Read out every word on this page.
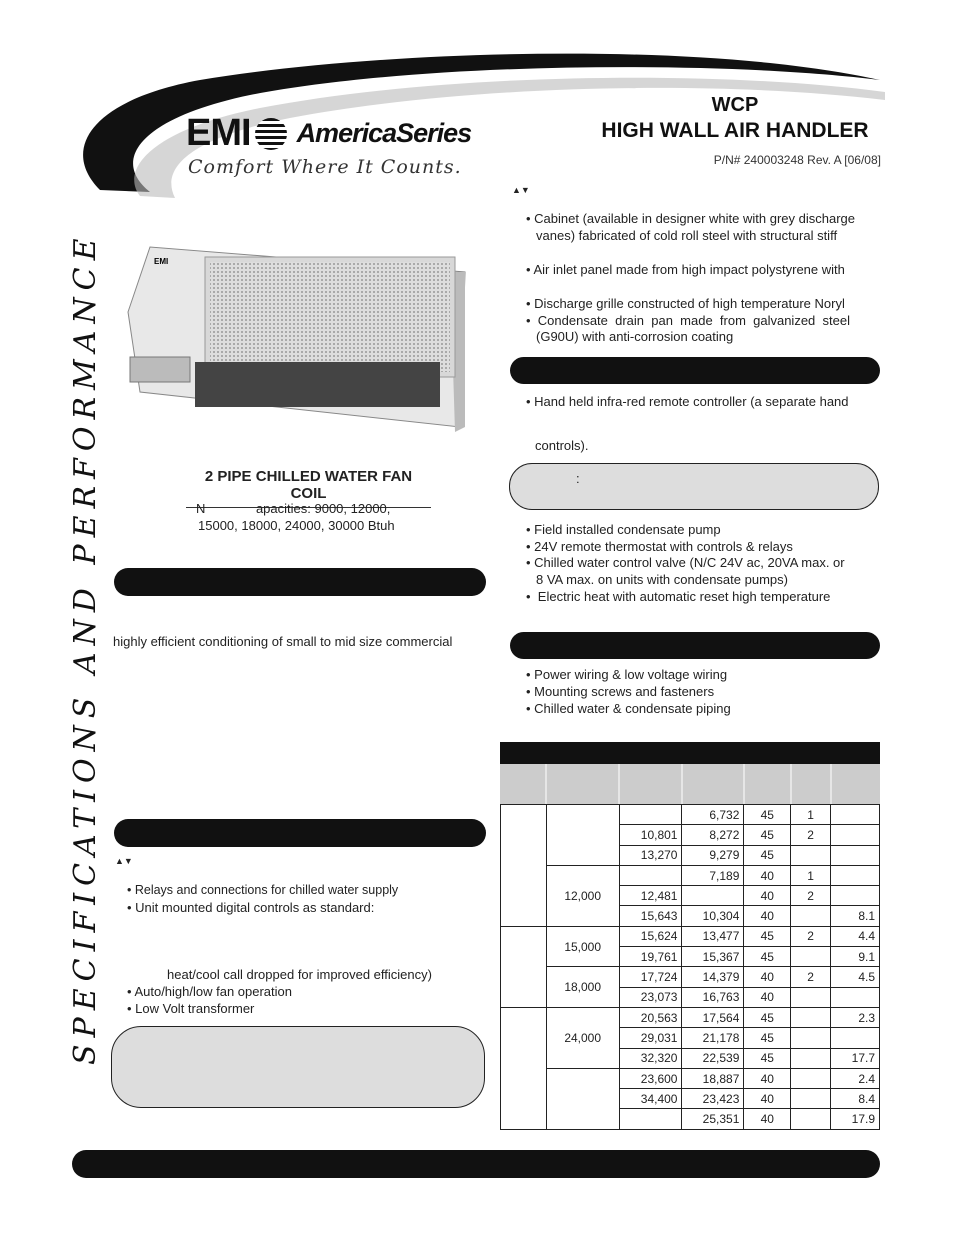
EMI AmericaSeries
Comfort Where It Counts.
WCP
HIGH WALL AIR HANDLER
P/N# 240003248 Rev. A [06/08]
SPECIFICATIONS AND PERFORMANCE	EMI
2 PIPE CHILLED WATER FAN COIL
N              apacities: 9000, 12000,
15000, 18000, 24000, 30000 Btuh
highly efficient conditioning of small to mid size commercial
▲▼
• Relays and connections for chilled water supply
• Unit mounted digital controls as standard:
heat/cool call dropped for improved efficiency)
• Auto/high/low fan operation
• Low Volt transformer
▲▼
• Cabinet (available in designer white with grey discharge
vanes) fabricated of cold roll steel with structural stiff
• Air inlet panel made from high impact polystyrene with
• Discharge grille constructed of high temperature Noryl
•  Condensate  drain  pan  made  from  galvanized  steel
(G90U) with anti-corrosion coating
• Hand held infra-red remote controller (a separate hand
controls).
:
• Field installed condensate pump
• 24V remote thermostat with controls & relays
• Chilled water control valve (N/C 24V ac, 20VA max. or
8 VA max. on units with condensate pumps)
•  Electric heat with automatic reset high temperature
• Power wiring & low voltage wiring
• Mounting screws and fasteners
• Chilled water & condensate piping
			6,732	45	1	
		10,801	8,272	45	2	
		13,270	9,279	45		
	12,000		7,189	40	1	
		12,481		40	2	
		15,643	10,304	40		8.1
	15,000	15,624	13,477	45	2	4.4
		19,761	15,367	45		9.1
	18,000	17,724	14,379	40	2	4.5
		23,073	16,763	40		
	24,000	20,563	17,564	45		2.3
		29,031	21,178	45		
		32,320	22,539	45		17.7
		23,600	18,887	40		2.4
		34,400	23,423	40		8.4
			25,351	40		17.9
